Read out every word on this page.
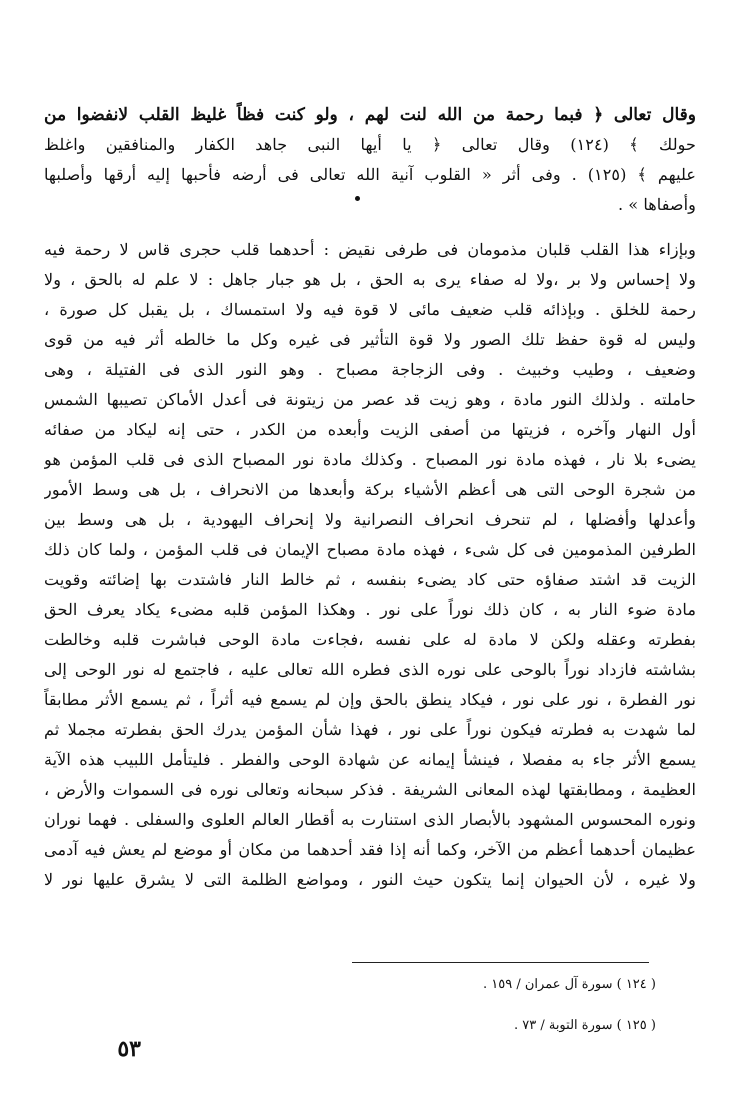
وقال تعالى ﴿ فبما رحمة من الله لنت لهم ، ولو كنت فظاً غليظ القلب لانفضوا من
حولك ﴾ (١٢٤) وقال تعالى ﴿ يا أيها النبى جاهد الكفار والمنافقين واغلظ
عليهم ﴾ (١٢٥) . وفى أثر « القلوب آنية الله تعالى فى أرضه فأحبها إليه أرقها وأصلبها
وأصفاها » .
وبإزاء هذا القلب قلبان مذمومان فى طرفى نقيض : أحدهما قلب حجرى قاس لا رحمة فيه
ولا إحساس ولا بر ،ولا له صفاء يرى به الحق ، بل هو جبار جاهل : لا علم له بالحق ، ولا
رحمة للخلق . وبإذائه قلب ضعيف مائى لا قوة فيه ولا استمساك ، بل يقبل كل صورة ،
وليس له قوة حفظ تلك الصور ولا قوة التأثير فى غيره وكل ما خالطه أثر فيه من قوى
وضعيف ، وطيب وخبيث . وفى الزجاجة مصباح . وهو النور الذى فى الفتيلة ، وهى
حاملته . ولذلك النور مادة ، وهو زيت قد عصر من زيتونة فى أعدل الأماكن تصيبها الشمس
أول النهار وآخره ، فزيتها من أصفى الزيت وأبعده من الكدر ، حتى إنه ليكاد من صفائه
يضىء بلا نار ، فهذه مادة نور المصباح . وكذلك مادة نور المصباح الذى فى قلب المؤمن هو
من شجرة الوحى التى هى أعظم الأشياء بركة وأبعدها من الانحراف ، بل هى وسط الأمور
وأعدلها وأفضلها ، لم تنحرف انحراف النصرانية ولا إنحراف اليهودية ، بل هى وسط بين
الطرفين المذمومين فى كل شىء ، فهذه مادة مصباح الإيمان فى قلب المؤمن ، ولما كان ذلك
الزيت قد اشتد صفاؤه حتى كاد يضىء بنفسه ، ثم خالط النار فاشتدت بها إضائته وقويت
مادة ضوء النار به ، كان ذلك نوراً على نور . وهكذا المؤمن قلبه مضىء يكاد يعرف الحق
بفطرته وعقله ولكن لا مادة له على نفسه ،فجاءت مادة الوحى فباشرت قلبه وخالطت
بشاشته فازداد نوراً بالوحى على نوره الذى فطره الله تعالى عليه ، فاجتمع له نور الوحى إلى
نور الفطرة ، نور على نور ، فيكاد ينطق بالحق وإن لم يسمع فيه أثراً ، ثم يسمع الأثر مطابقاً
لما شهدت به فطرته فيكون نوراً على نور ، فهذا شأن المؤمن يدرك الحق بفطرته مجملا ثم
يسمع الأثر جاء به مفصلا ، فينشأ إيمانه عن شهادة الوحى والفطر . فليتأمل اللبيب هذه الآية
العظيمة ، ومطابقتها لهذه المعانى الشريفة . فذكر سبحانه وتعالى نوره فى السموات والأرض ،
ونوره المحسوس المشهود بالأبصار الذى استنارت به أقطار العالم العلوى والسفلى . فهما نوران
عظيمان أحدهما أعظم من الآخر، وكما أنه إذا فقد أحدهما من مكان أو موضع لم يعش فيه آدمى
ولا غيره ، لأن الحيوان إنما يتكون حيث النور ، ومواضع الظلمة التى لا يشرق عليها نور لا
( ١٢٤ ) سورة آل عمران / ١٥٩ .
( ١٢٥ ) سورة التوبة / ٧٣ .
٥٣
